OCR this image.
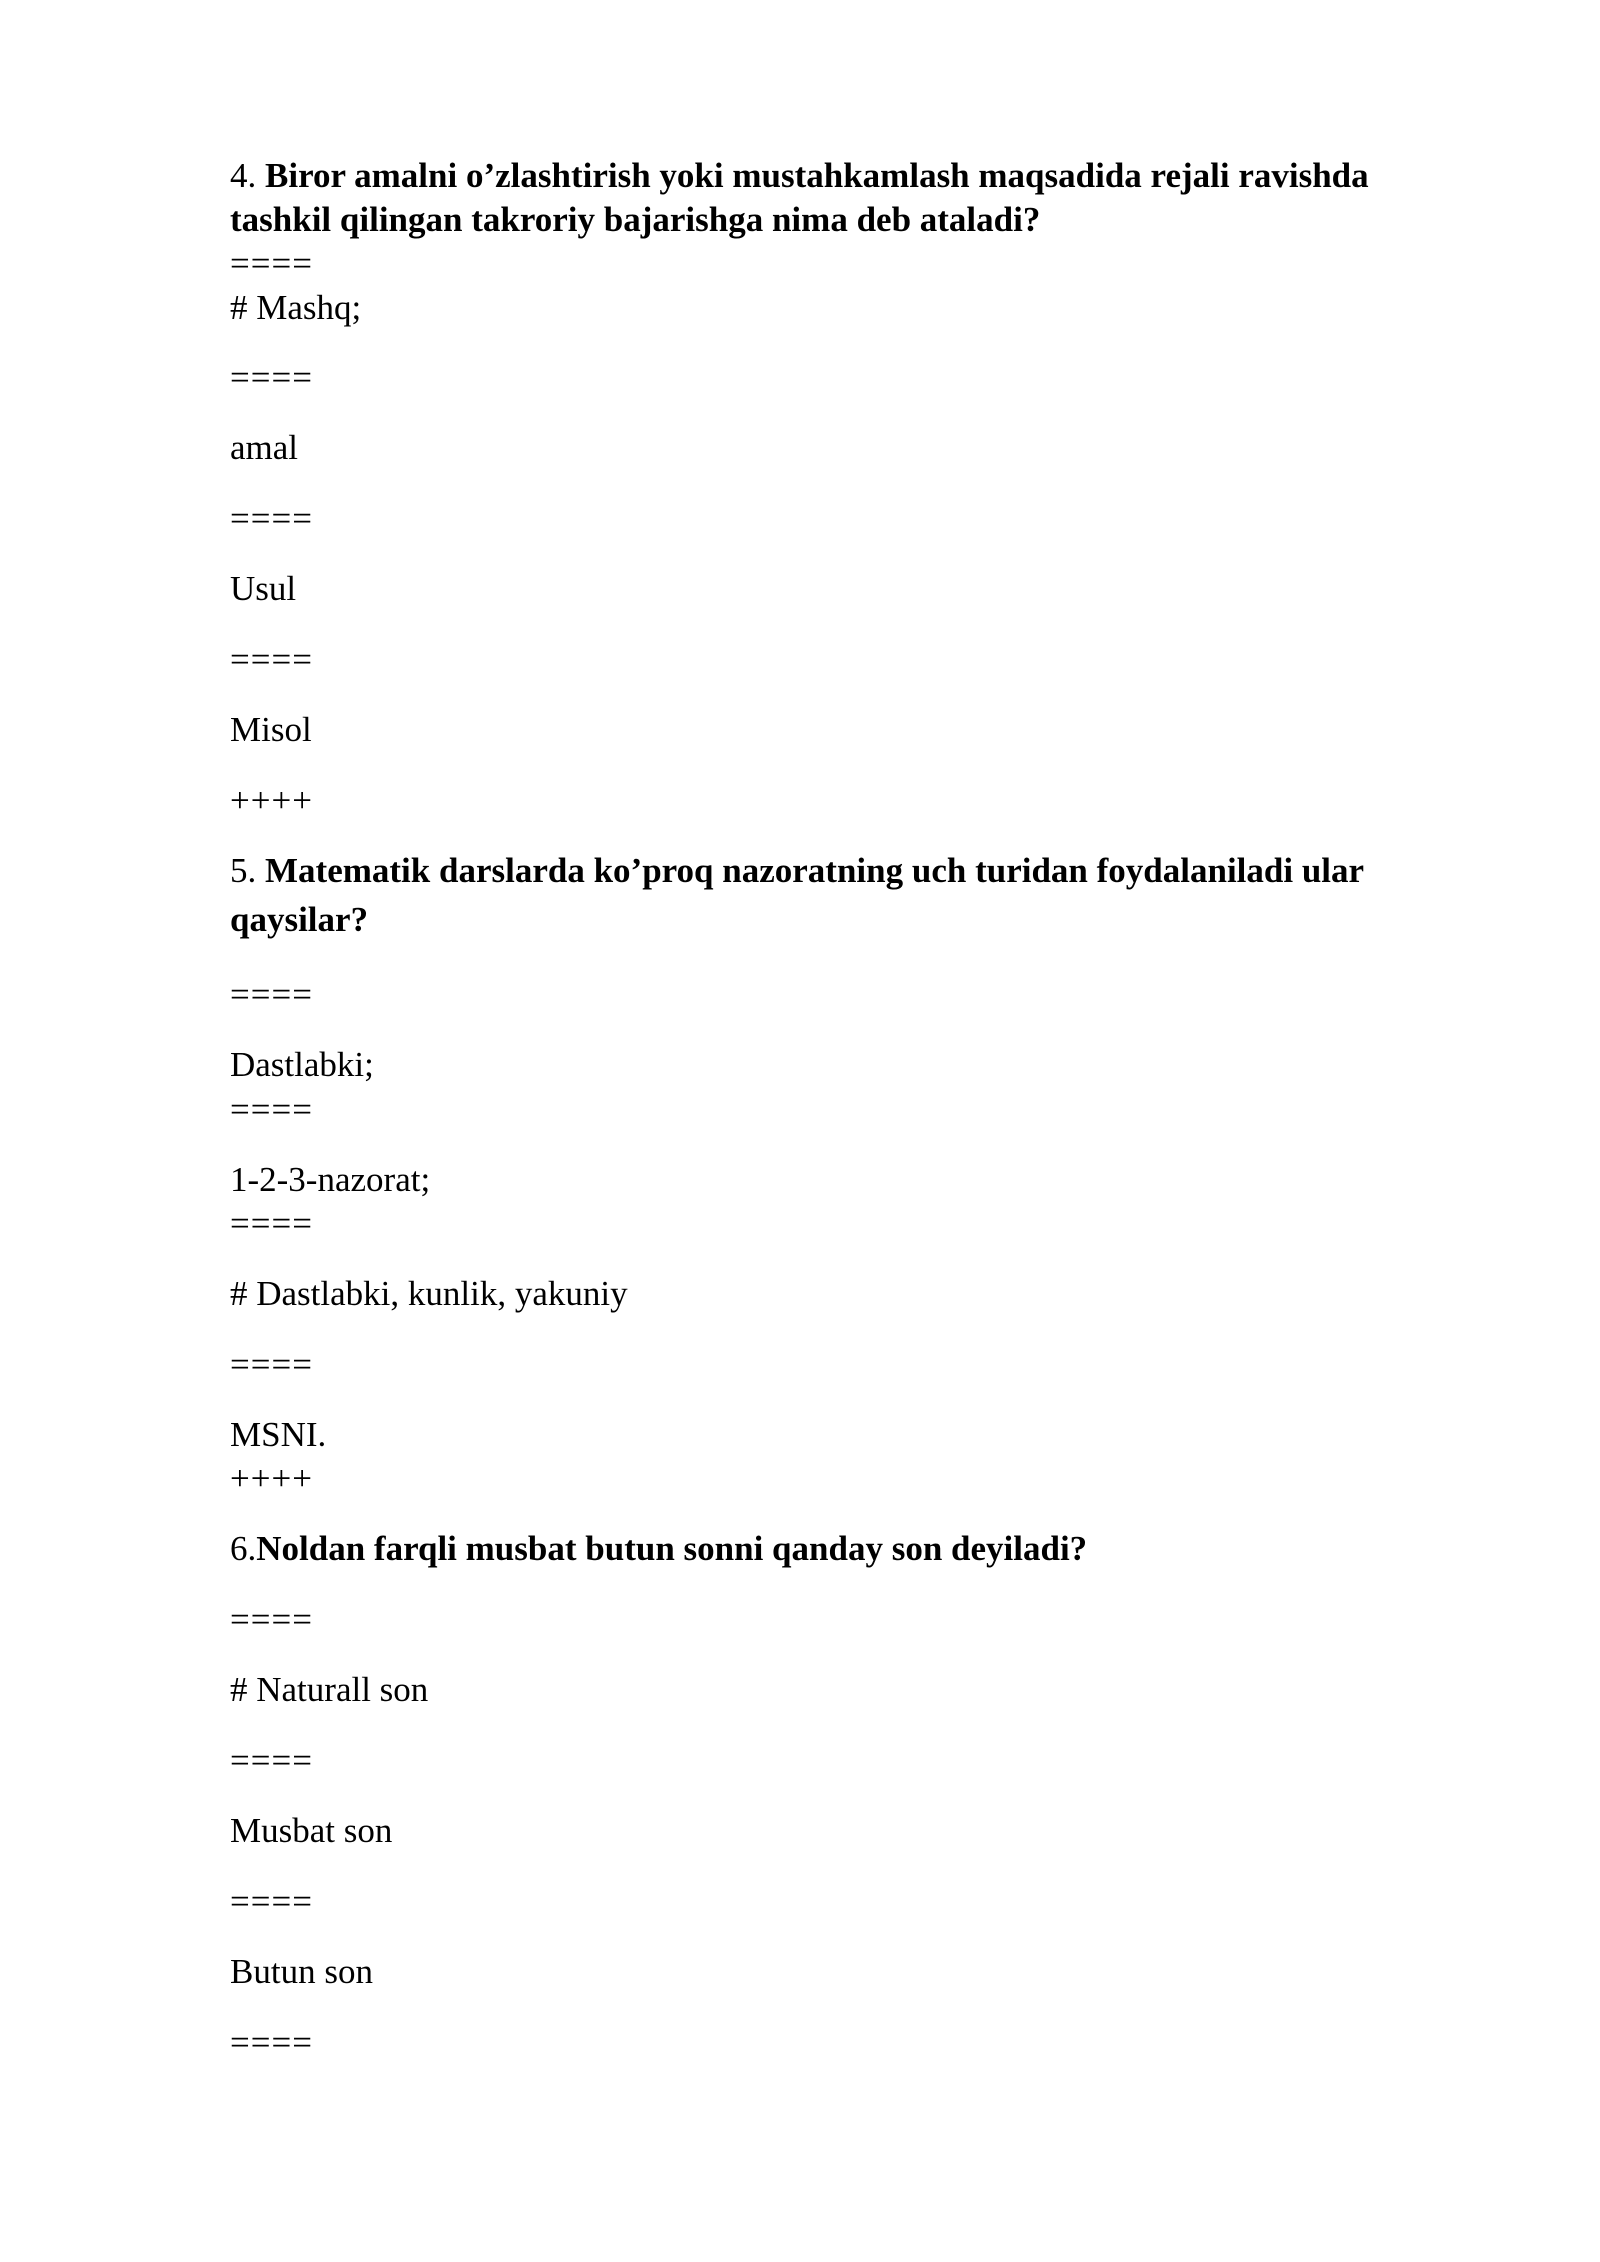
4. Biror amalni o’zlashtirish yoki mustahkamlash maqsadida rejali ravishda
tashkil qilingan takroriy bajarishga nima deb ataladi?
====
# Mashq;
====
amal
====
Usul
====
Misol
++++
5. Matematik darslarda ko’proq nazoratning uch turidan foydalaniladi ular
qaysilar?
====
Dastlabki;
====
1-2-3-nazorat;
====
# Dastlabki, kunlik, yakuniy
====
MSNI.
++++
6.Noldan farqli musbat butun sonni qanday son deyiladi?
====
# Naturall son
====
Musbat son
====
Butun son
====
